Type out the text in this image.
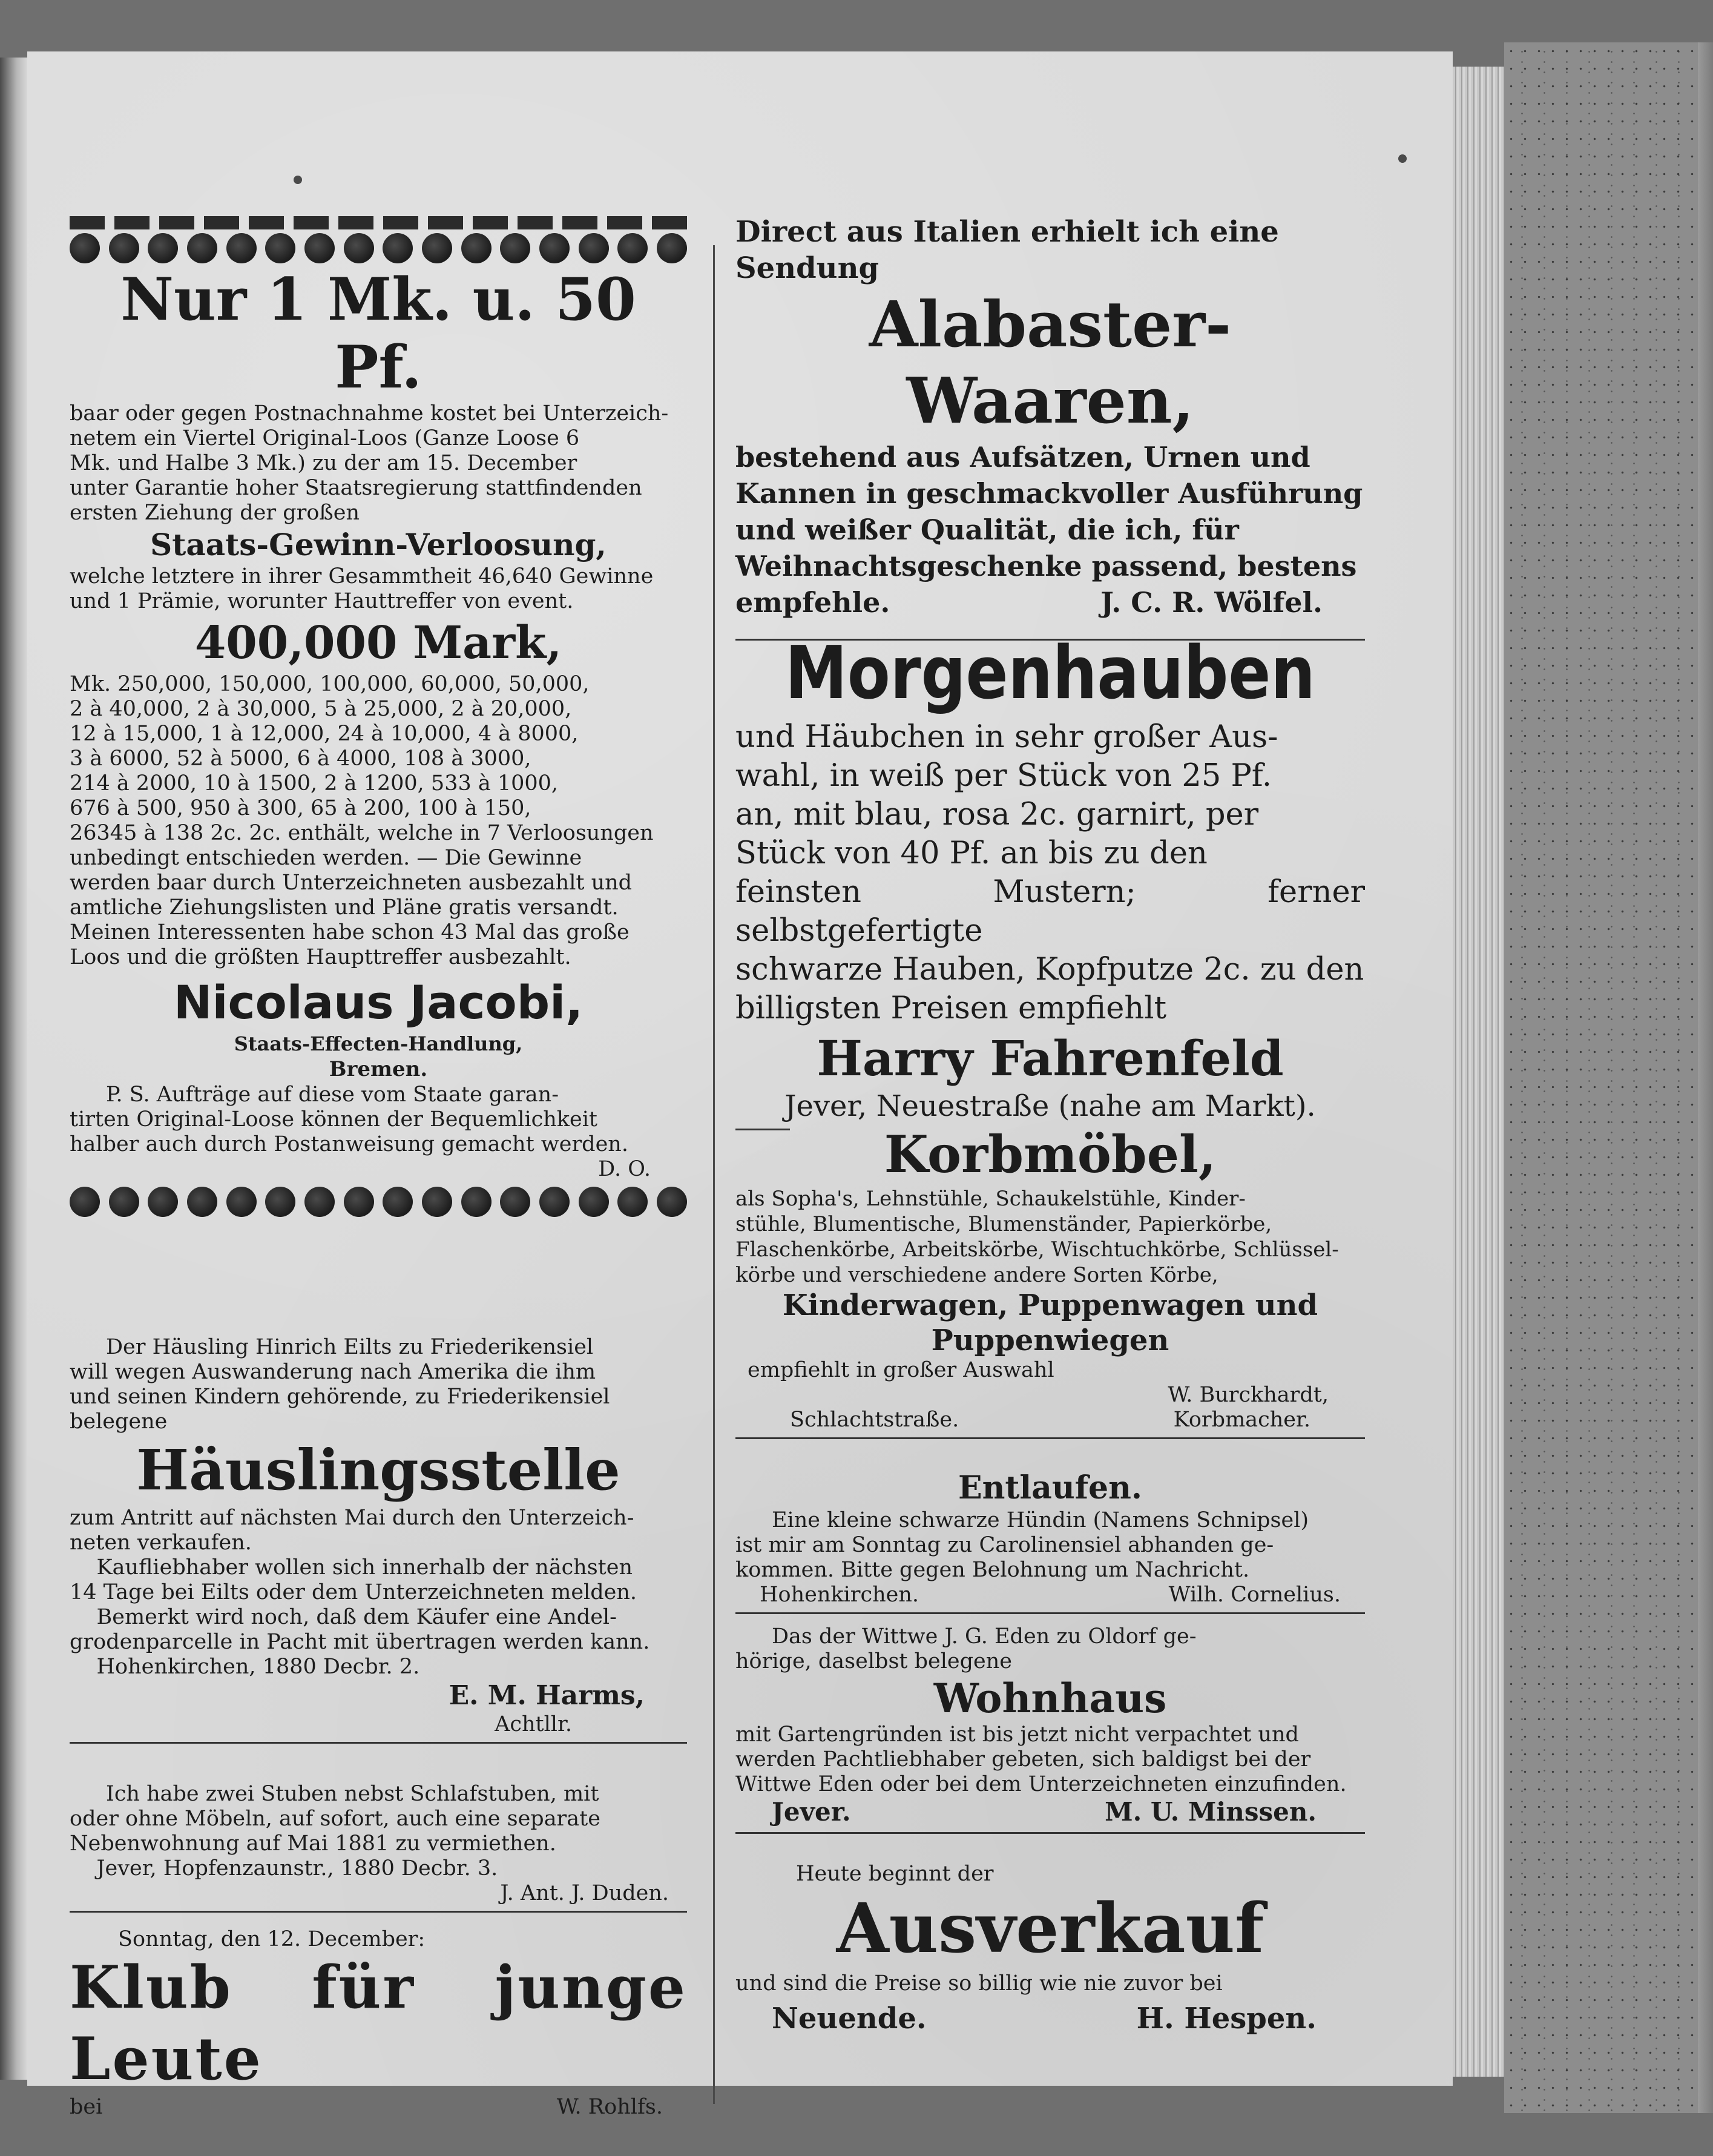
Nur 1 Mk. u. 50 Pf.

baar oder gegen Postnachnahme kostet bei Unterzeich-
netem ein Viertel Original-Loos (Ganze Loose 6
Mk. und Halbe 3 Mk.) zu der am 15. December
unter Garantie hoher Staatsregierung stattfindenden
ersten Ziehung der großen

Staats-Gewinn-Verloosung,

welche letztere in ihrer Gesammtheit 46,640 Gewinne
und 1 Prämie, worunter Hauttreffer von event.

400,000 Mark,

Mk. 250,000, 150,000, 100,000, 60,000, 50,000,
2 à 40,000, 2 à 30,000, 5 à 25,000, 2 à 20,000,
12 à 15,000, 1 à 12,000, 24 à 10,000, 4 à 8000,
3 à 6000, 52 à 5000, 6 à 4000, 108 à 3000,
214 à 2000, 10 à 1500, 2 à 1200, 533 à 1000,
676 à 500, 950 à 300, 65 à 200, 100 à 150,
26345 à 138 2c. 2c. enthält, welche in 7 Verloosungen
unbedingt entschieden werden. — Die Gewinne
werden baar durch Unterzeichneten ausbezahlt und
amtliche Ziehungslisten und Pläne gratis versandt.
Meinen Interessenten habe schon 43 Mal das große
Loos und die größten Haupttreffer ausbezahlt.

Nicolaus Jacobi,

Staats-Effecten-Handlung,

Bremen.

P. S. Aufträge auf diese vom Staate garan-
tirten Original-Loose können der Bequemlichkeit
halber auch durch Postanweisung gemacht werden.

D. O.

Der Häusling Hinrich Eilts zu Friederikensiel
will wegen Auswanderung nach Amerika die ihm
und seinen Kindern gehörende, zu Friederikensiel
belegene

Häuslingsstelle

zum Antritt auf nächsten Mai durch den Unterzeich-
neten verkaufen.
Kaufliebhaber wollen sich innerhalb der nächsten
14 Tage bei Eilts oder dem Unterzeichneten melden.
Bemerkt wird noch, daß dem Käufer eine Andel-
grodenparcelle in Pacht mit übertragen werden kann.
Hohenkirchen, 1880 Decbr. 2.

E. M. Harms,

Achtllr.

Ich habe zwei Stuben nebst Schlafstuben, mit
oder ohne Möbeln, auf sofort, auch eine separate
Nebenwohnung auf Mai 1881 zu vermiethen.
Jever, Hopfenzaunstr., 1880 Decbr. 3.

J. Ant. J. Duden.

Sonntag, den 12. December:

Klub für junge Leute

bei	W. Rohlfs.

Direct aus Italien erhielt ich eine
Sendung

Alabaster-Waaren,

bestehend aus Aufsätzen, Urnen und
Kannen in geschmackvoller Ausführung
und weißer Qualität, die ich, für
Weihnachtsgeschenke passend, bestens
empfehle.	J. C. R. Wölfel.

Morgenhauben

und Häubchen in sehr großer Aus-
wahl, in weiß per Stück von 25 Pf.
an, mit blau, rosa 2c. garnirt, per
Stück von 40 Pf. an bis zu den
feinsten Mustern; ferner selbstgefertigte
schwarze Hauben, Kopfputze 2c. zu den
billigsten Preisen empfiehlt

Harry Fahrenfeld

Jever, Neuestraße (nahe am Markt).

Korbmöbel,

als Sopha's, Lehnstühle, Schaukelstühle, Kinder-
stühle, Blumentische, Blumenständer, Papierkörbe,
Flaschenkörbe, Arbeitskörbe, Wischtuchkörbe, Schlüssel-
körbe und verschiedene andere Sorten Körbe,

Kinderwagen, Puppenwagen und
Puppenwiegen

empfiehlt in großer Auswahl

W. Burckhardt,

Schlachtstraße.	Korbmacher.

Entlaufen.

Eine kleine schwarze Hündin (Namens Schnipsel)
ist mir am Sonntag zu Carolinensiel abhanden ge-
kommen. Bitte gegen Belohnung um Nachricht.

Hohenkirchen.	Wilh. Cornelius.

Das der Wittwe J. G. Eden zu Oldorf ge-
hörige, daselbst belegene

Wohnhaus

mit Gartengründen ist bis jetzt nicht verpachtet und
werden Pachtliebhaber gebeten, sich baldigst bei der
Wittwe Eden oder bei dem Unterzeichneten einzufinden.

Jever.	M. U. Minssen.

Heute beginnt der

Ausverkauf

und sind die Preise so billig wie nie zuvor bei

Neuende.	H. Hespen.
